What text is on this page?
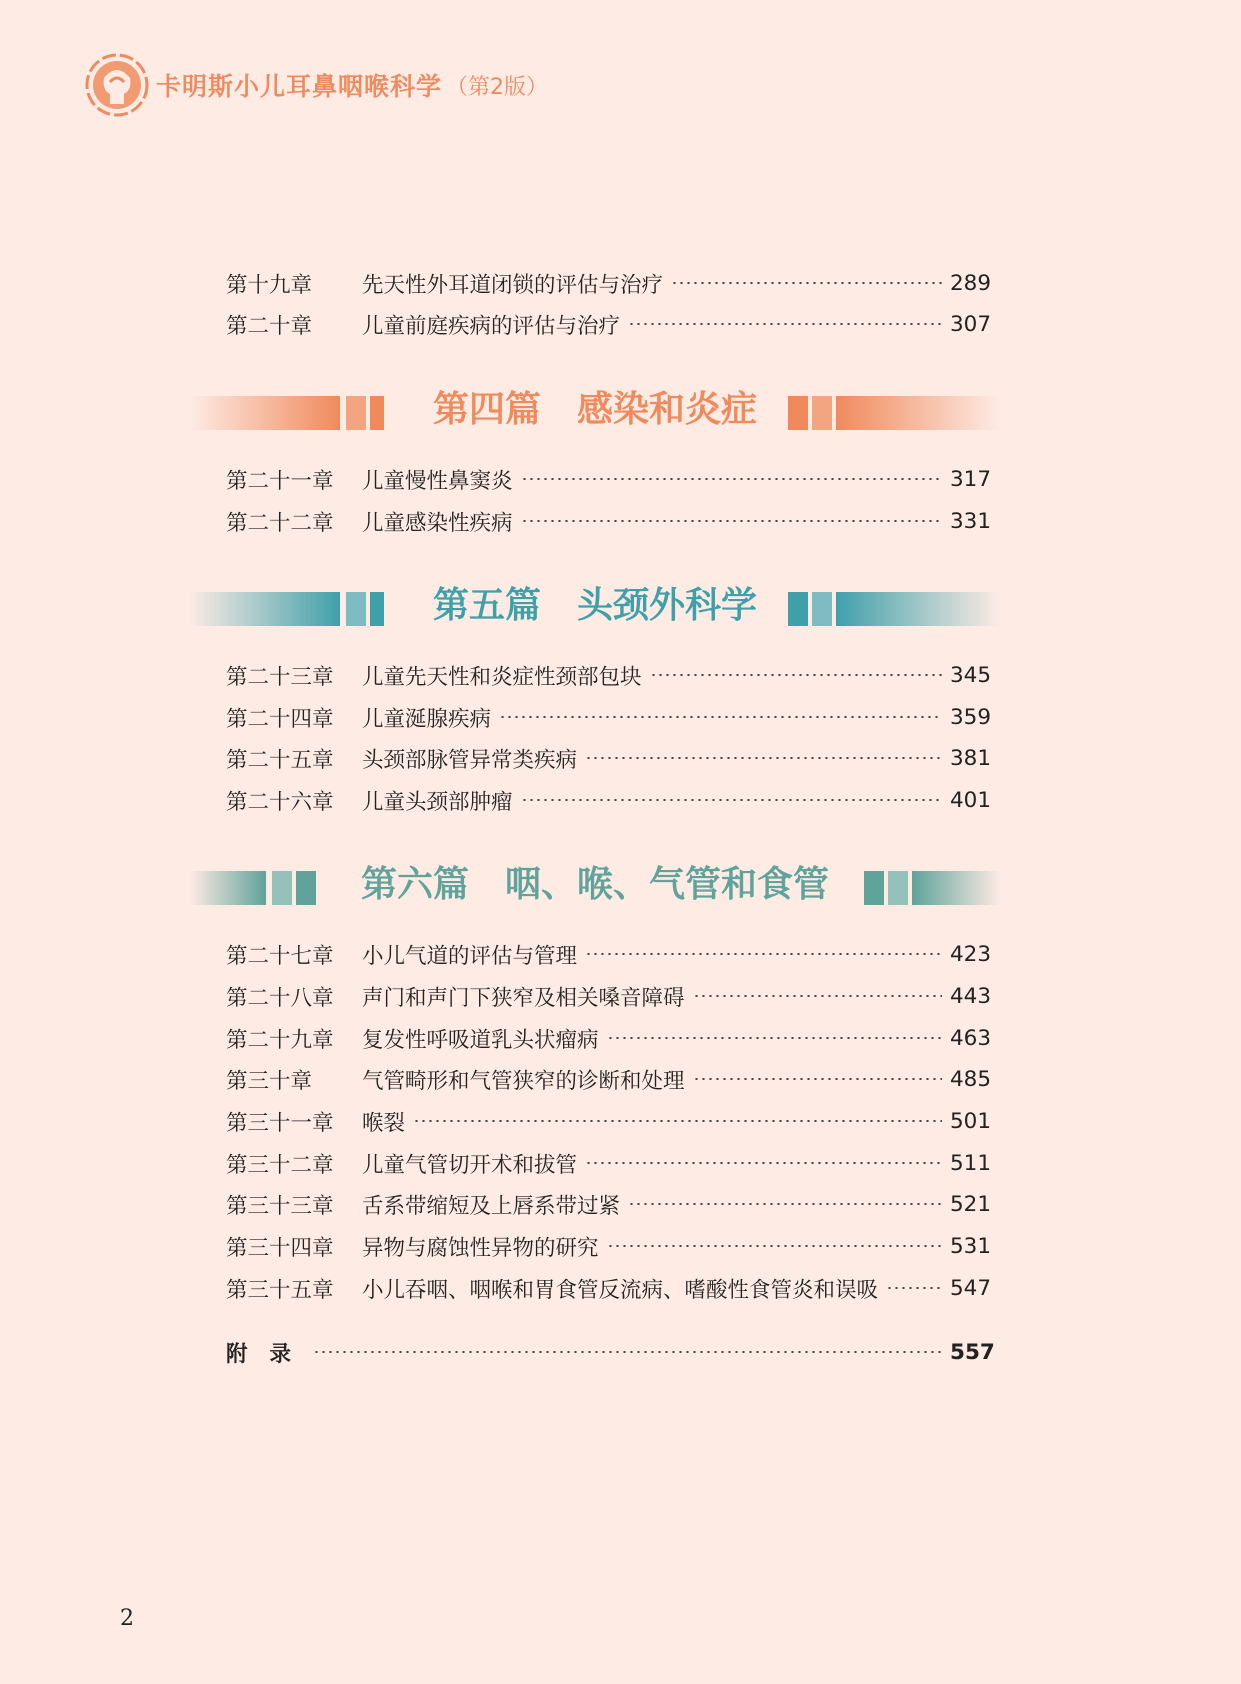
卡明斯小儿耳鼻咽喉科学 （第2版）
第十九章	先天性外耳道闭锁的评估与治疗	289
第二十章	儿童前庭疾病的评估与治疗	307
第四篇　感染和炎症
第二十一章	儿童慢性鼻窦炎	317
第二十二章	儿童感染性疾病	331
第五篇　头颈外科学
第二十三章	儿童先天性和炎症性颈部包块	345
第二十四章	儿童涎腺疾病	359
第二十五章	头颈部脉管异常类疾病	381
第二十六章	儿童头颈部肿瘤	401
第六篇　咽、喉、气管和食管
第二十七章	小儿气道的评估与管理	423
第二十八章	声门和声门下狭窄及相关嗓音障碍	443
第二十九章	复发性呼吸道乳头状瘤病	463
第三十章	气管畸形和气管狭窄的诊断和处理	485
第三十一章	喉裂	501
第三十二章	儿童气管切开术和拔管	511
第三十三章	舌系带缩短及上唇系带过紧	521
第三十四章	异物与腐蚀性异物的研究	531
第三十五章	小儿吞咽、咽喉和胃食管反流病、嗜酸性食管炎和误吸	547
附录	557
2
